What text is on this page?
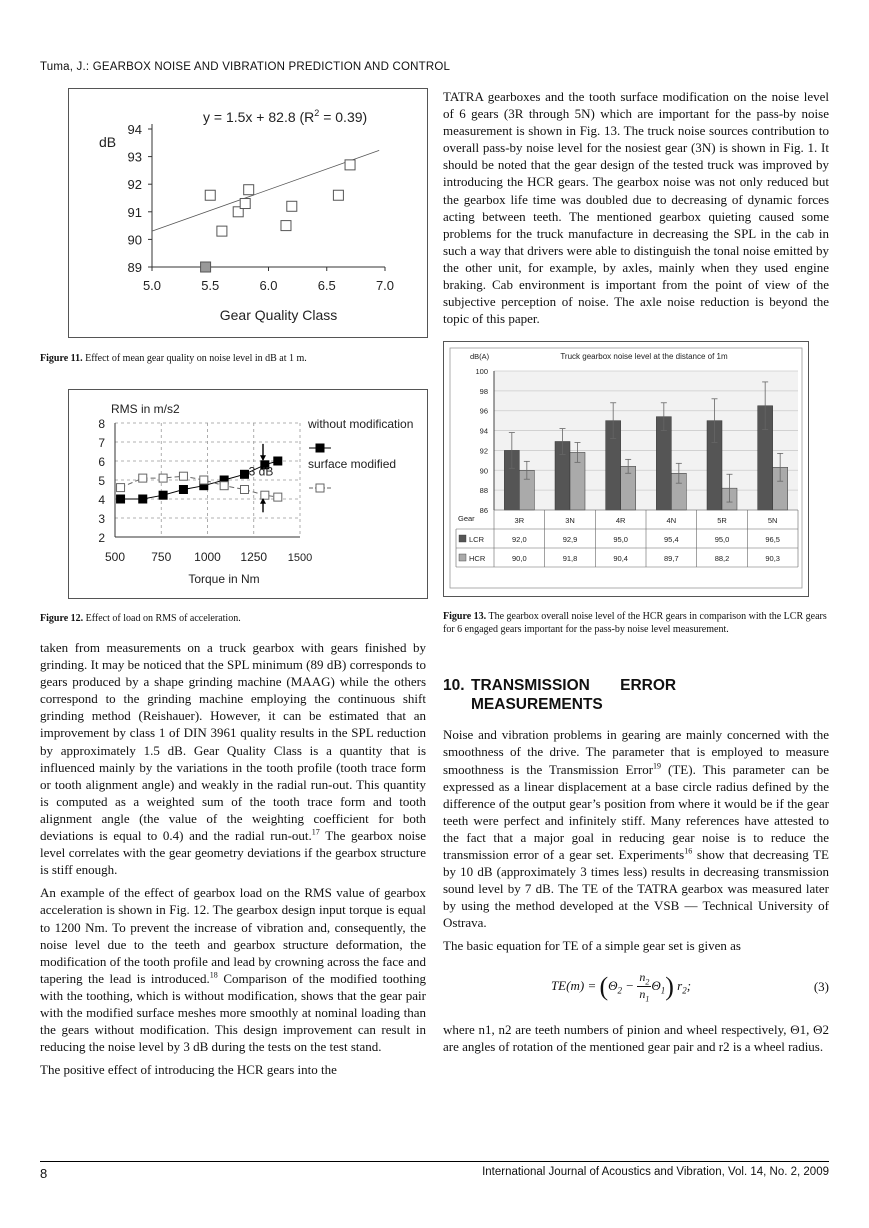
Tuma, J.: GEARBOX NOISE AND VIBRATION PREDICTION AND CONTROL
89
90
91
92
93
94
5.0	5.5	6.0	6.5	7.0
dB
Gear Quality Class
y = 1.5x + 82.8 $(R^2 = 0.39)$

Figure 11. Effect of mean gear quality on noise level in dB at 1 m.

2
3
4
5
6
7
8
500 750 1000 1250 1500
RMS in m/s2
Torque in Nm
without modification
surface modified
3 dB

Figure 12. Effect of load on RMS of acceleration.

taken from measurements on a truck gearbox with gears finished by grinding. It may be noticed that the SPL minimum (89 dB) corresponds to gears produced by a shape grinding machine (MAAG) while the others correspond to the grinding machine employing the continuous shift grinding method (Reishauer). However, it can be estimated that an improvement by class 1 of DIN 3961 quality results in the SPL reduction by approximately 1.5 dB. Gear Quality Class is a quantity that is influenced mainly by the variations in the tooth profile (tooth trace form or tooth alignment angle) and weakly in the radial run-out. This quantity is computed as a weighted sum of the tooth trace form and tooth alignment angle (the value of the weighting coefficient for both deviations is equal to 0.4) and the radial run-out.$^{17}$ The gearbox noise level correlates with the gear geometry deviations if the gearbox structure is stiff enough.

An example of the effect of gearbox load on the RMS value of gearbox acceleration is shown in Fig. 12. The gearbox design input torque is equal to 1200 Nm. To prevent the increase of vibration and, consequently, the noise level due to the teeth and gearbox structure deformation, the modification of the tooth profile and lead by crowning across the face and tapering the lead is introduced.$^{18}$ Comparison of the modified toothing with the toothing, which is without modification, shows that the gear pair with the modified surface meshes more smoothly at nominal loading than the gears without modification. This design improvement can result in reducing the noise level by 3 dB during the tests on the test stand.

The positive effect of introducing the HCR gears into the

TATRA gearboxes and the tooth surface modification on the noise level of 6 gears (3R through 5N) which are important for the pass-by noise measurement is shown in Fig. 13. The truck noise sources contribution to overall pass-by noise level for the nosiest gear (3N) is shown in Fig. 1. It should be noted that the gear design of the tested truck was improved by introducing the HCR gears. The gearbox noise was not only reduced but the gearbox life time was doubled due to decreasing of dynamic forces acting between teeth. The mentioned gearbox quieting caused some problems for the truck manufacture in decreasing the SPL in the cab in such a way that drivers were able to distinguish the tonal noise emitted by the other unit, for example, by axles, mainly when they used engine braking. Cab environment is important from the point of view of the subjective perception of noise. The axle noise reduction is beyond the topic of this paper.

86
88
90
92
94
96
98
100
dB(A)	Truck gearbox noise level at the distance of 1m
Gear	3R	3N	4R	4N	5R	5N
LCR	92,0	92,9	95,0	95,4	95,0	96,5
HCR	90,0	91,8	90,4	89,7	88,2	90,3

Figure 13. The gearbox overall noise level of the HCR gears in comparison with the LCR gears for 6 engaged gears important for the pass-by noise level measurement.

10. TRANSMISSION ERROR MEASUREMENTS

Noise and vibration problems in gearing are mainly concerned with the smoothness of the drive. The parameter that is employed to measure smoothness is the Transmission Error$^{19}$ (TE). This parameter can be expressed as a linear displacement at a base circle radius defined by the difference of the output gear’s position from where it would be if the gear teeth were perfect and infinitely stiff. Many references have attested to the fact that a major goal in reducing gear noise is to reduce the transmission error of a gear set. Experiments$^{16}$ show that decreasing TE by 10 dB (approximately 3 times less) results in decreasing transmission sound level by 7 dB. The TE of the TATRA gearbox was measured later by using the method developed at the VSB — Technical University of Ostrava.

The basic equation for TE of a simple gear set is given as

$TE(m) = (\Theta_2 - \frac{n_2}{n_1} \Theta_1)$ $r_2$;	(3)

where n1, n2 are teeth numbers of pinion and wheel respectively, Θ1, Θ2 are angles of rotation of the mentioned gear pair and r2 is a wheel radius.

8	International Journal of Acoustics and Vibration, Vol. 14, No. 2, 2009
